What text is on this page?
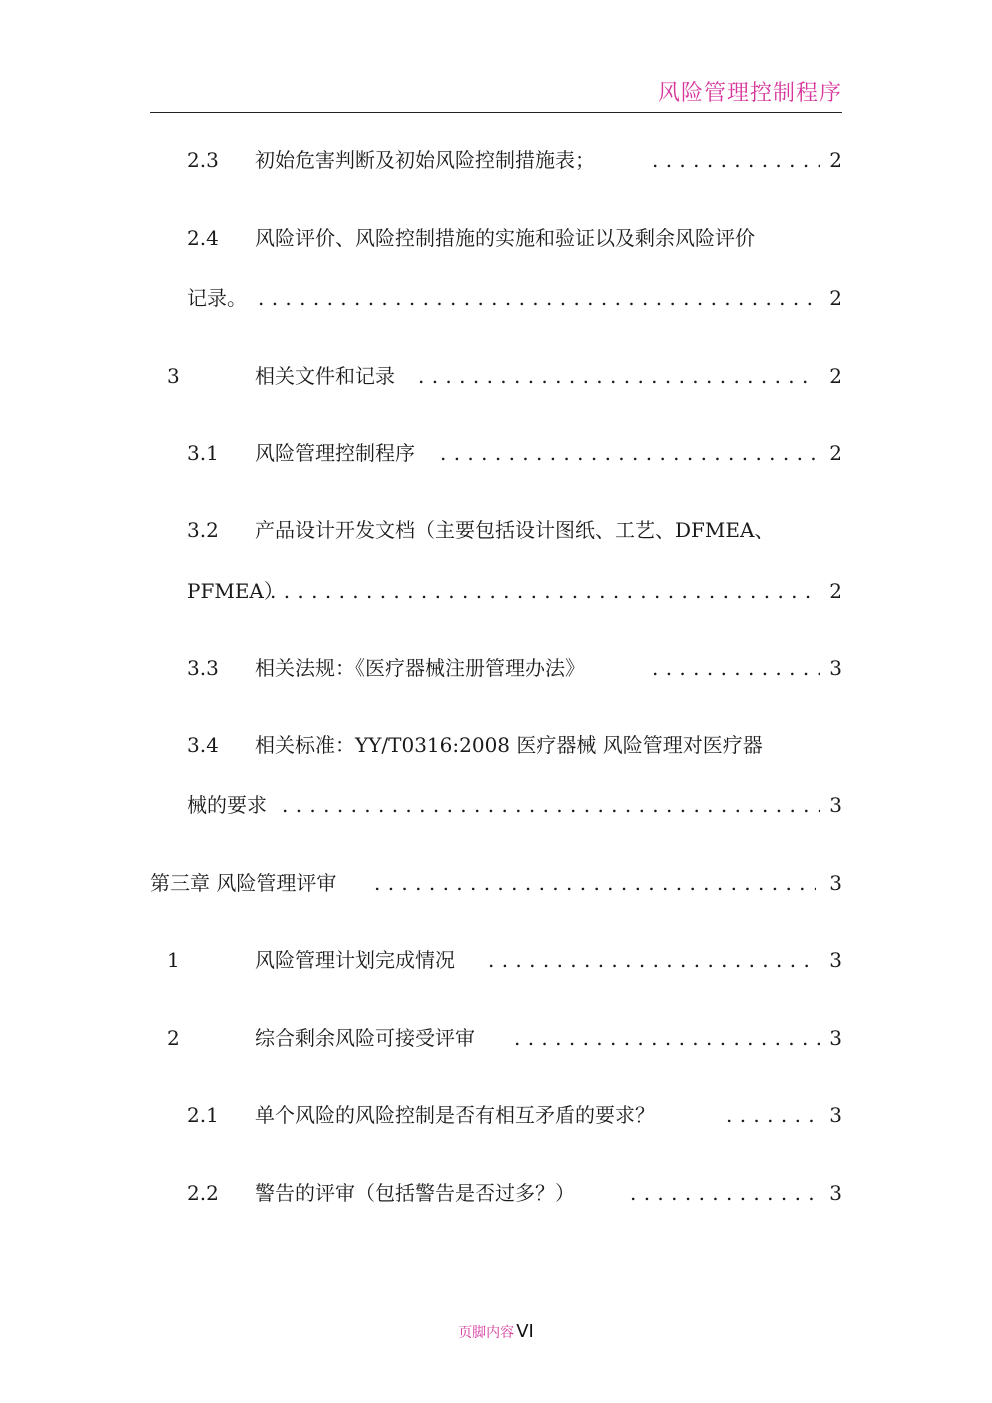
风险管理控制程序
2.3 初始危害判断及初始风险控制措施表； . . .	2
2.4 风险评价、风险控制措施的实施和验证以及剩余风险评价
记录。 . . .	2
3	相关文件和记录 . . .	2
3.1 风险管理控制程序 . . .	2
3.2 产品设计开发文档（主要包括设计图纸、工艺、DFMEA、
PFMEA） . . .	2
3.3 相关法规：《医疗器械注册管理办法》 . . .	3
3.4 相关标准：YY/T0316:2008 医疗器械 风险管理对医疗器
械的要求 . . .	3
第三章 风险管理评审 . . .	3
1	风险管理计划完成情况 . . .	3
2	综合剩余风险可接受评审 . . .	3
2.1 单个风险的风险控制是否有相互矛盾的要求？ . . .	3
2.2 警告的评审（包括警告是否过多？） . . .	3
页脚内容 VI
